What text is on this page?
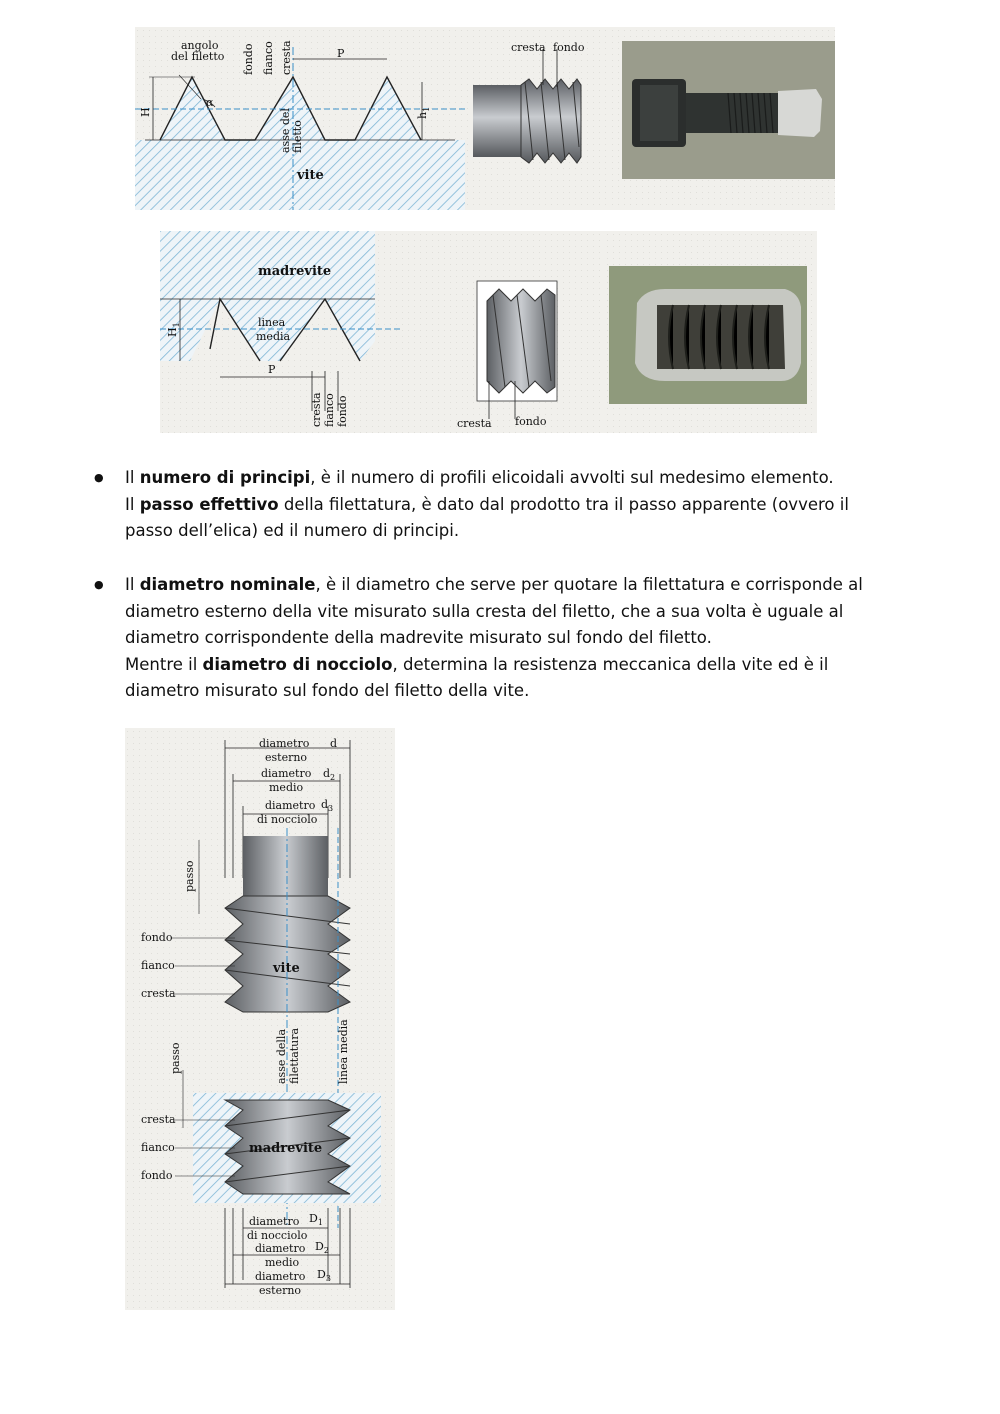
angolo
del filetto
α
fondo fianco cresta	P
H	$h_1$
asse del filetto
vite
cresta fondo
madrevite
$H_1$	linea
media
P
cresta fianco fondo	cresta fondo
● Il numero di principi, è il numero di profili elicoidali avvolti sul medesimo elemento.
Il passo effettivo della filettatura, è dato dal prodotto tra il passo apparente (ovvero il passo dell’elica) ed il numero di principi.
● Il diametro nominale, è il diametro che serve per quotare la filettatura e corrisponde al diametro esterno della vite misurato sulla cresta del filetto, che a sua volta è uguale al diametro corrispondente della madrevite misurato sul fondo del filetto.
Mentre il diametro di nocciolo, determina la resistenza meccanica della vite ed è il diametro misurato sul fondo del filetto della vite.
diametro
esterno
d
diametro
medio
$d_2$
diametro
di nocciolo
$d_3$
passo
fondo
fianco
cresta
vite
asse della filettatura	linea media
passo
cresta
fianco
fondo
madrevite
diametro
di nocciolo
$D_1$
diametro
medio
$D_2$
diametro
esterno
$D_3$
